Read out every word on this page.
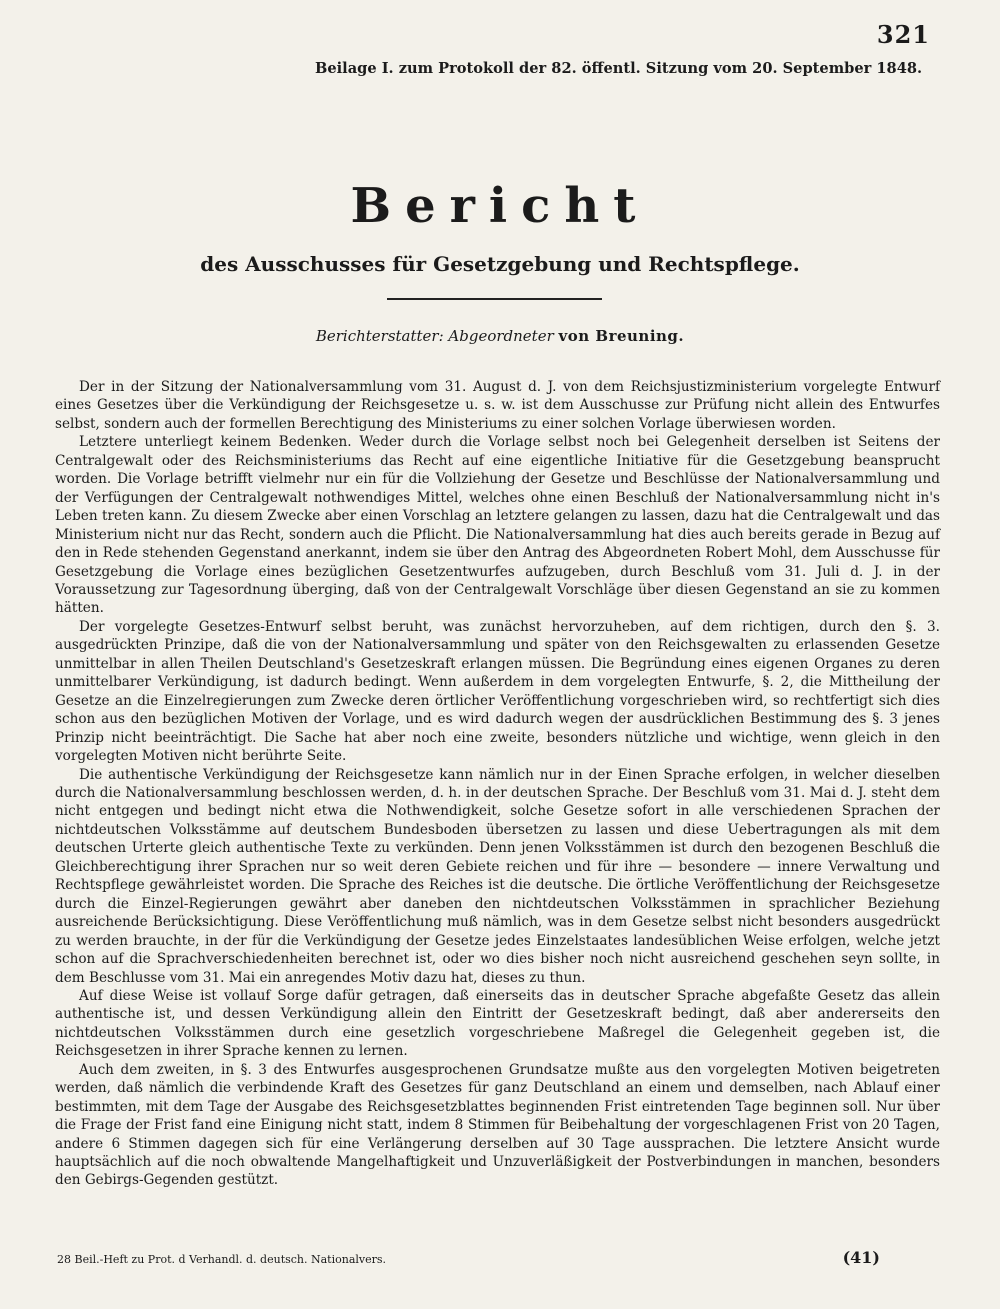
321
Beilage I. zum Protokoll der 82. öffentl. Sitzung vom 20. September 1848.
Bericht
des Ausschusses für Gesetzgebung und Rechtspflege.
Berichterstatter: Abgeordneter von Breuning.

Der in der Sitzung der Nationalversammlung vom 31. August d. J. von dem Reichsjustizministerium vorgelegte Entwurf eines Gesetzes über die Verkündigung der Reichsgesetze u. s. w. ist dem Ausschusse zur Prüfung nicht allein des Entwurfes selbst, sondern auch der formellen Berechtigung des Ministeriums zu einer solchen Vorlage überwiesen worden.

Letztere unterliegt keinem Bedenken. Weder durch die Vorlage selbst noch bei Gelegenheit derselben ist Seitens der Centralgewalt oder des Reichsministeriums das Recht auf eine eigentliche Initiative für die Gesetzgebung beansprucht worden. Die Vorlage betrifft vielmehr nur ein für die Vollziehung der Gesetze und Beschlüsse der Nationalversammlung und der Verfügungen der Centralgewalt nothwendiges Mittel, welches ohne einen Beschluß der Nationalversammlung nicht in's Leben treten kann. Zu diesem Zwecke aber einen Vorschlag an letztere gelangen zu lassen, dazu hat die Centralgewalt und das Ministerium nicht nur das Recht, sondern auch die Pflicht. Die Nationalversammlung hat dies auch bereits gerade in Bezug auf den in Rede stehenden Gegenstand anerkannt, indem sie über den Antrag des Abgeordneten Robert Mohl, dem Ausschusse für Gesetzgebung die Vorlage eines bezüglichen Gesetzentwurfes aufzugeben, durch Beschluß vom 31. Juli d. J. in der Voraussetzung zur Tagesordnung überging, daß von der Centralgewalt Vorschläge über diesen Gegenstand an sie zu kommen hätten.

Der vorgelegte Gesetzes-Entwurf selbst beruht, was zunächst hervorzuheben, auf dem richtigen, durch den §. 3. ausgedrückten Prinzipe, daß die von der Nationalversammlung und später von den Reichsgewalten zu erlassenden Gesetze unmittelbar in allen Theilen Deutschland's Gesetzeskraft erlangen müssen. Die Begründung eines eigenen Organes zu deren unmittelbarer Verkündigung, ist dadurch bedingt. Wenn außerdem in dem vorgelegten Entwurfe, §. 2, die Mittheilung der Gesetze an die Einzelregierungen zum Zwecke deren örtlicher Veröffentlichung vorgeschrieben wird, so rechtfertigt sich dies schon aus den bezüglichen Motiven der Vorlage, und es wird dadurch wegen der ausdrücklichen Bestimmung des §. 3 jenes Prinzip nicht beeinträchtigt. Die Sache hat aber noch eine zweite, besonders nützliche und wichtige, wenn gleich in den vorgelegten Motiven nicht berührte Seite.

Die authentische Verkündigung der Reichsgesetze kann nämlich nur in der Einen Sprache erfolgen, in welcher dieselben durch die Nationalversammlung beschlossen werden, d. h. in der deutschen Sprache. Der Beschluß vom 31. Mai d. J. steht dem nicht entgegen und bedingt nicht etwa die Nothwendigkeit, solche Gesetze sofort in alle verschiedenen Sprachen der nichtdeutschen Volksstämme auf deutschem Bundesboden übersetzen zu lassen und diese Uebertragungen als mit dem deutschen Urterte gleich authentische Texte zu verkünden. Denn jenen Volksstämmen ist durch den bezogenen Beschluß die Gleichberechtigung ihrer Sprachen nur so weit deren Gebiete reichen und für ihre — besondere — innere Verwaltung und Rechtspflege gewährleistet worden. Die Sprache des Reiches ist die deutsche. Die örtliche Veröffentlichung der Reichsgesetze durch die Einzel-Regierungen gewährt aber daneben den nichtdeutschen Volksstämmen in sprachlicher Beziehung ausreichende Berücksichtigung. Diese Veröffentlichung muß nämlich, was in dem Gesetze selbst nicht besonders ausgedrückt zu werden brauchte, in der für die Verkündigung der Gesetze jedes Einzelstaates landesüblichen Weise erfolgen, welche jetzt schon auf die Sprachverschiedenheiten berechnet ist, oder wo dies bisher noch nicht ausreichend geschehen seyn sollte, in dem Beschlusse vom 31. Mai ein anregendes Motiv dazu hat, dieses zu thun.

Auf diese Weise ist vollauf Sorge dafür getragen, daß einerseits das in deutscher Sprache abgefaßte Gesetz das allein authentische ist, und dessen Verkündigung allein den Eintritt der Gesetzeskraft bedingt, daß aber andererseits den nichtdeutschen Volksstämmen durch eine gesetzlich vorgeschriebene Maßregel die Gelegenheit gegeben ist, die Reichsgesetzen in ihrer Sprache kennen zu lernen.

Auch dem zweiten, in §. 3 des Entwurfes ausgesprochenen Grundsatze mußte aus den vorgelegten Motiven beigetreten werden, daß nämlich die verbindende Kraft des Gesetzes für ganz Deutschland an einem und demselben, nach Ablauf einer bestimmten, mit dem Tage der Ausgabe des Reichsgesetzblattes beginnenden Frist eintretenden Tage beginnen soll. Nur über die Frage der Frist fand eine Einigung nicht statt, indem 8 Stimmen für Beibehaltung der vorgeschlagenen Frist von 20 Tagen, andere 6 Stimmen dagegen sich für eine Verlängerung derselben auf 30 Tage aussprachen. Die letztere Ansicht wurde hauptsächlich auf die noch obwaltende Mangelhaftigkeit und Unzuverläßigkeit der Postverbindungen in manchen, besonders den Gebirgs-Gegenden gestützt.

28 Beil.-Heft zu Prot. d Verhandl. d. deutsch. Nationalvers.	(41)
